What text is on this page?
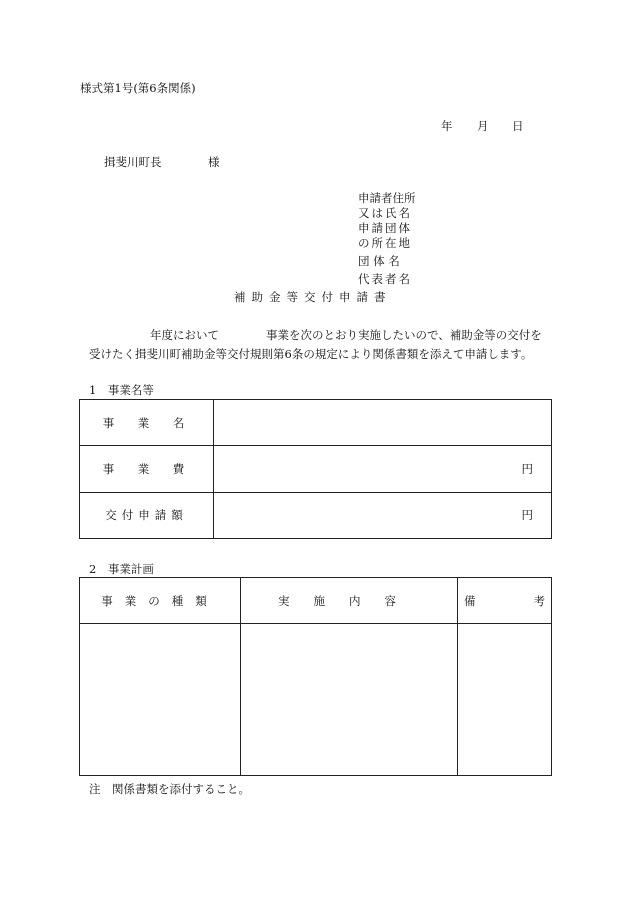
様式第1号(第6条関係)
年 月 日
揖斐川町長	様
申請者住所
又は氏名
申請団体
の所在地
団 体 名
代表者名
補助金等交付申請書
年度において	事業を次のとおり実施したいので、補助金等の交付を
受けたく揖斐川町補助金等交付規則第6条の規定により関係書類を添えて申請します。
1　事業名等
事　業　名	
事　業　費	円
交付申請額	円
2　事業計画
事業の種類	実施内容	備 考

注　関係書類を添付すること。
